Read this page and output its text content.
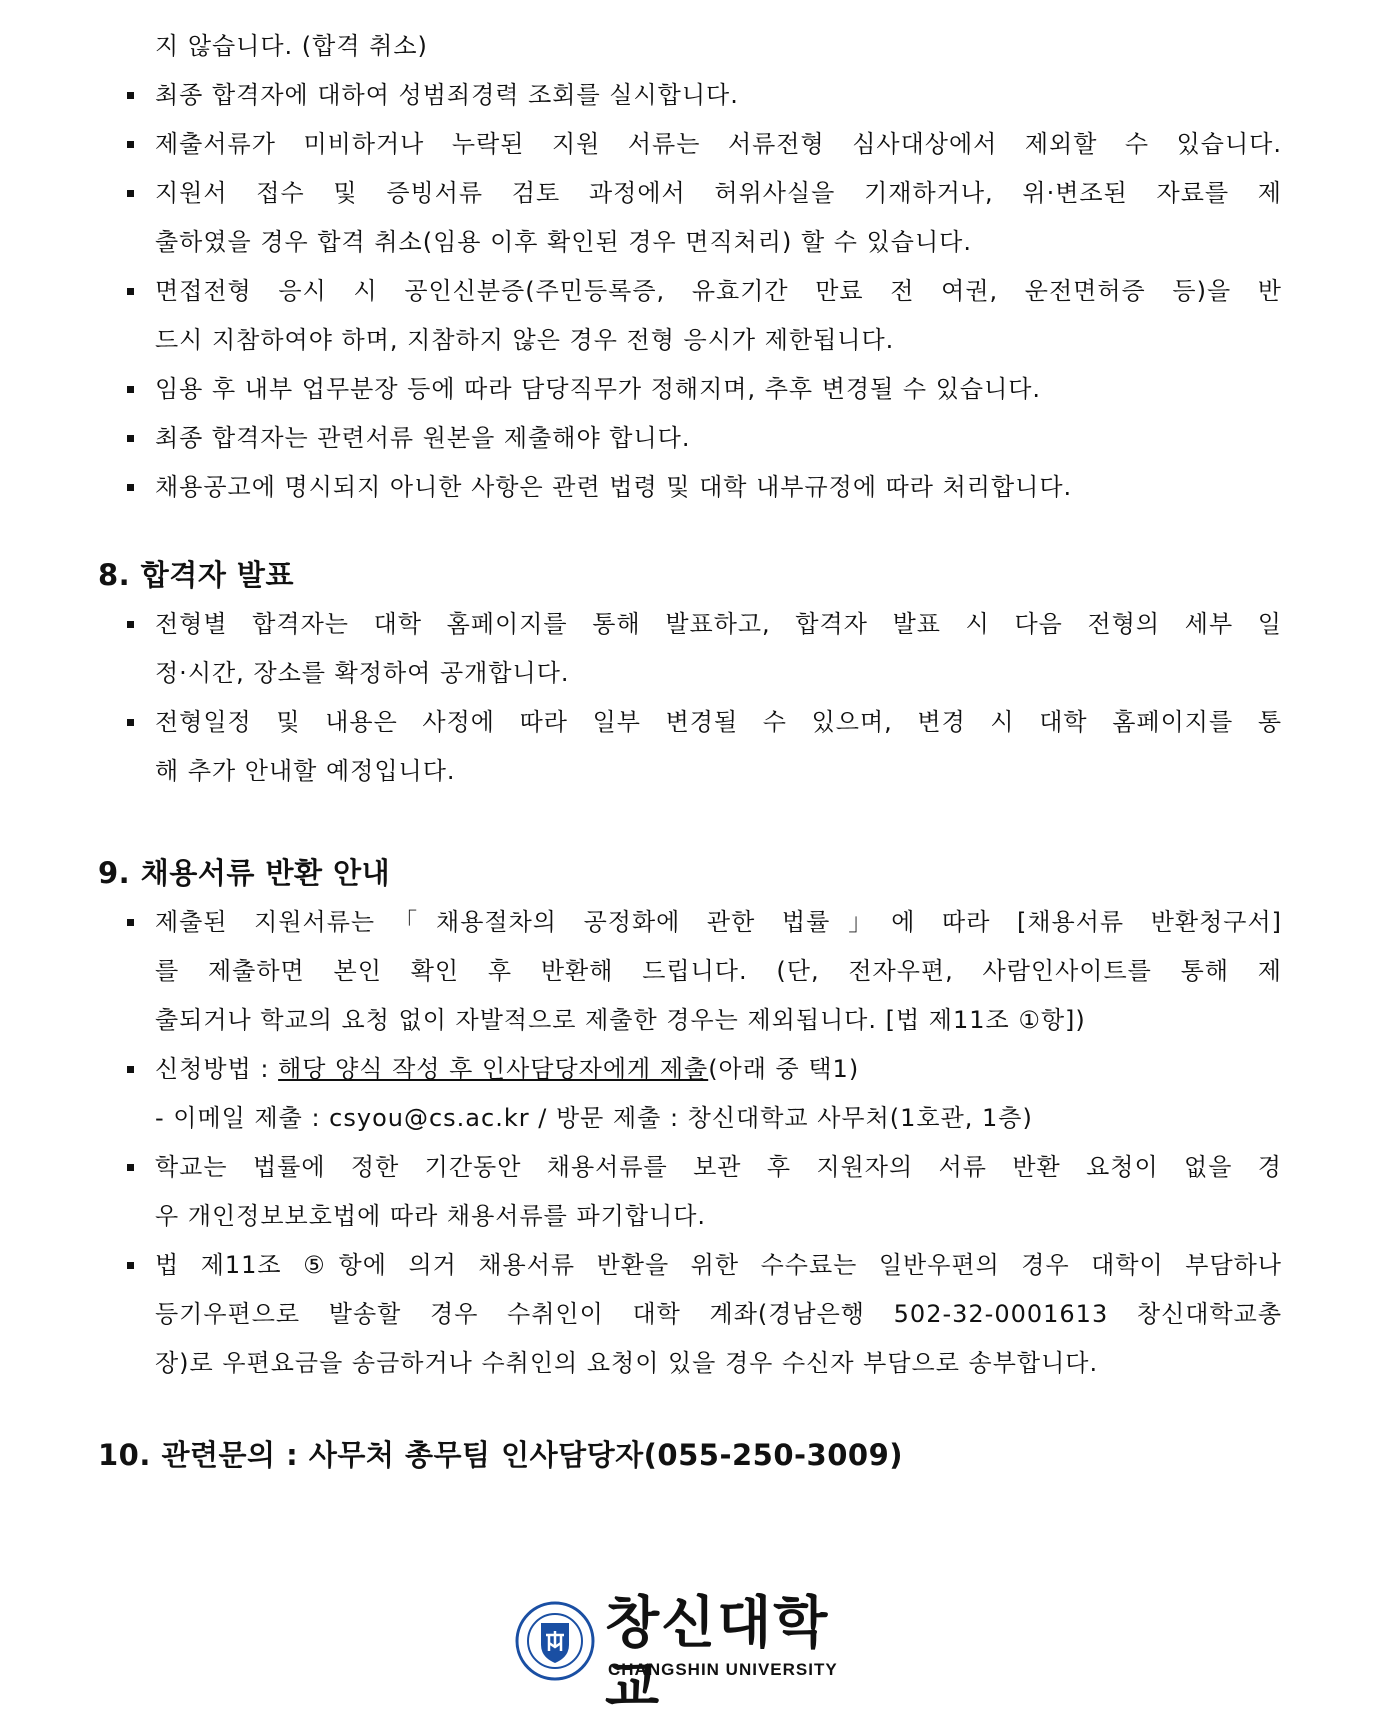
지 않습니다. (합격 취소)
최종 합격자에 대하여 성범죄경력 조회를 실시합니다.
제출서류가 미비하거나 누락된 지원 서류는 서류전형 심사대상에서 제외할 수 있습니다.
지원서 접수 및 증빙서류 검토 과정에서 허위사실을 기재하거나, 위·변조된 자료를 제
출하였을 경우 합격 취소(임용 이후 확인된 경우 면직처리) 할 수 있습니다.
면접전형 응시 시 공인신분증(주민등록증, 유효기간 만료 전 여권, 운전면허증 등)을 반
드시 지참하여야 하며, 지참하지 않은 경우 전형 응시가 제한됩니다.
임용 후 내부 업무분장 등에 따라 담당직무가 정해지며, 추후 변경될 수 있습니다.
최종 합격자는 관련서류 원본을 제출해야 합니다.
채용공고에 명시되지 아니한 사항은 관련 법령 및 대학 내부규정에 따라 처리합니다.
8. 합격자 발표
전형별 합격자는 대학 홈페이지를 통해 발표하고, 합격자 발표 시 다음 전형의 세부 일
정·시간, 장소를 확정하여 공개합니다.
전형일정 및 내용은 사정에 따라 일부 변경될 수 있으며, 변경 시 대학 홈페이지를 통
해 추가 안내할 예정입니다.
9. 채용서류 반환 안내
제출된 지원서류는「채용절차의 공정화에 관한 법률」에 따라 [채용서류 반환청구서]
를 제출하면 본인 확인 후 반환해 드립니다. (단, 전자우편, 사람인사이트를 통해 제
출되거나 학교의 요청 없이 자발적으로 제출한 경우는 제외됩니다. [법 제11조 ①항])
신청방법 : 해당 양식 작성 후 인사담당자에게 제출(아래 중 택1)
- 이메일 제출 : csyou@cs.ac.kr / 방문 제출 : 창신대학교 사무처(1호관, 1층)
학교는 법률에 정한 기간동안 채용서류를 보관 후 지원자의 서류 반환 요청이 없을 경
우 개인정보보호법에 따라 채용서류를 파기합니다.
법 제11조 ⑤항에 의거 채용서류 반환을 위한 수수료는 일반우편의 경우 대학이 부담하나
등기우편으로 발송할 경우 수취인이 대학 계좌(경남은행 502-32-0001613 창신대학교총
장)로 우편요금을 송금하거나 수취인의 요청이 있을 경우 수신자 부담으로 송부합니다.
10. 관련문의 : 사무처 총무팀 인사담당자(055-250-3009)
창신대학교
CHANGSHIN UNIVERSITY
